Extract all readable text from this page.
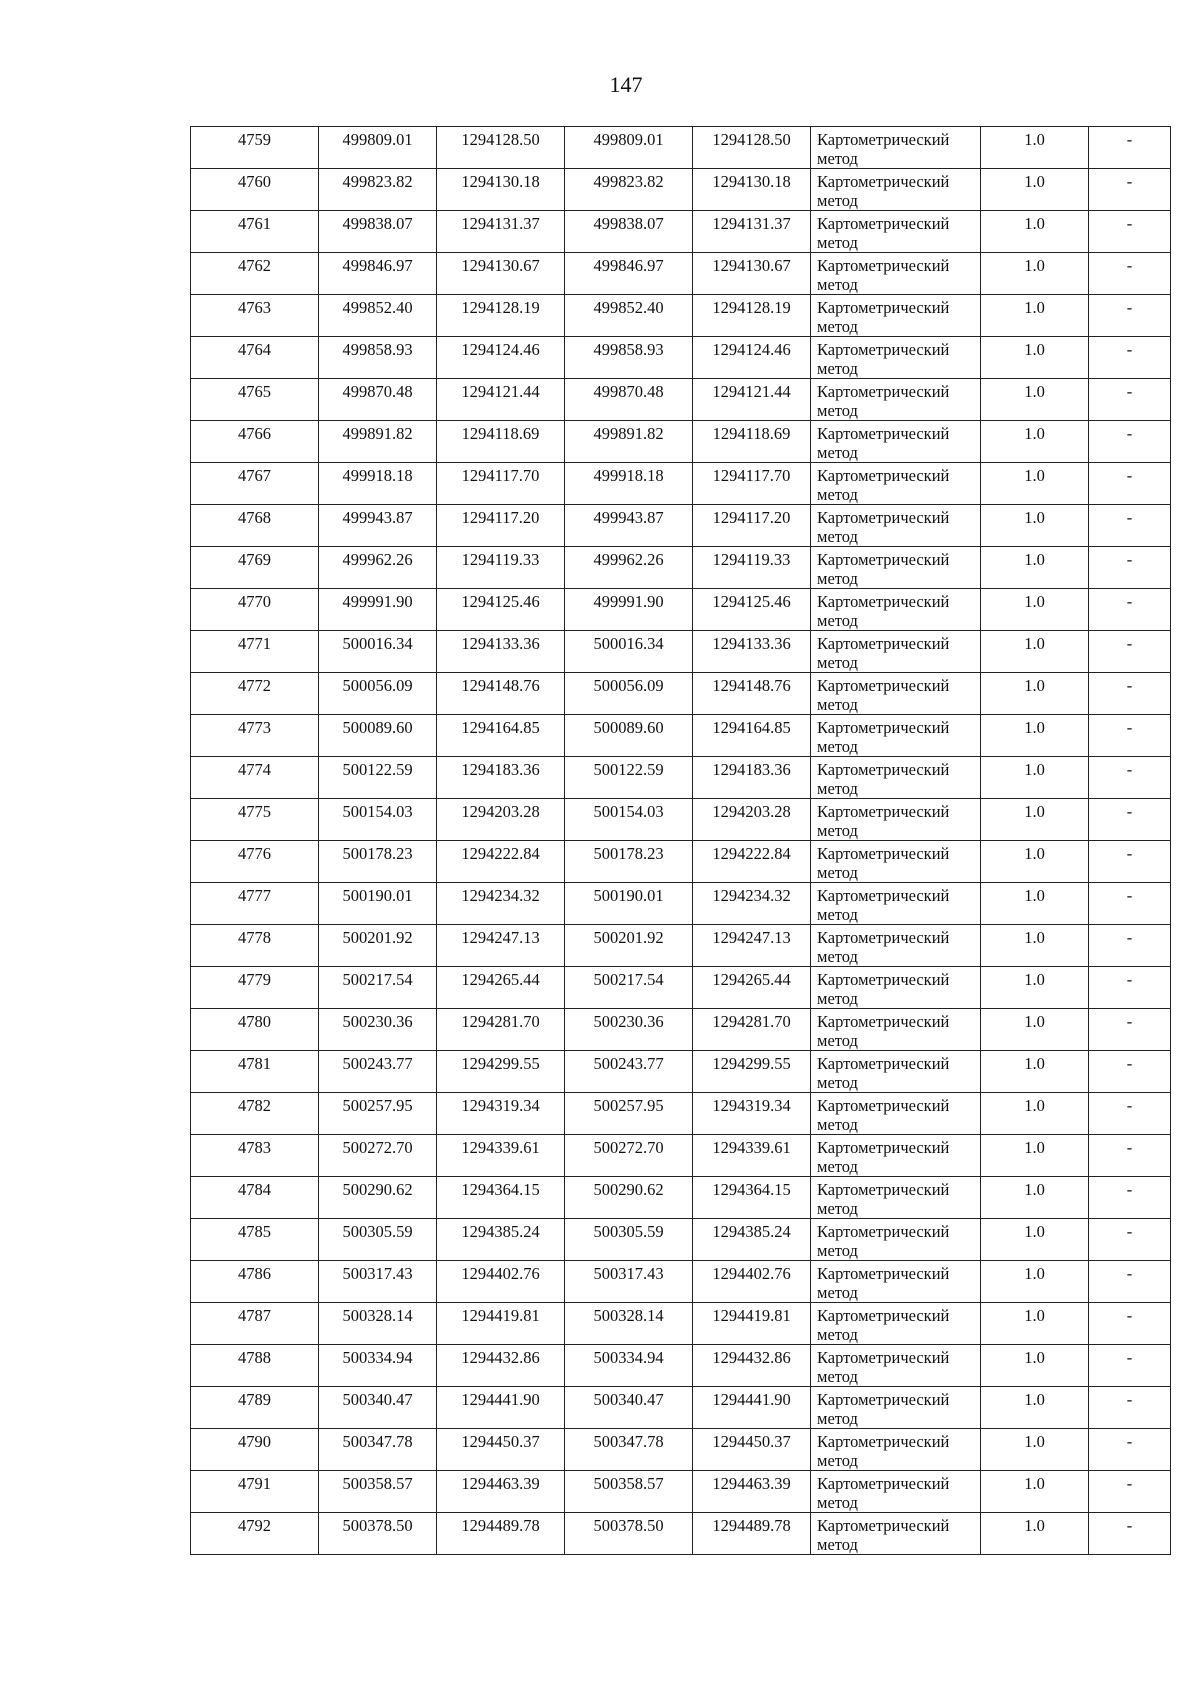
147
4759	499809.01	1294128.50	499809.01	1294128.50	Картометрический метод	1.0	-
4760	499823.82	1294130.18	499823.82	1294130.18	Картометрический метод	1.0	-
4761	499838.07	1294131.37	499838.07	1294131.37	Картометрический метод	1.0	-
4762	499846.97	1294130.67	499846.97	1294130.67	Картометрический метод	1.0	-
4763	499852.40	1294128.19	499852.40	1294128.19	Картометрический метод	1.0	-
4764	499858.93	1294124.46	499858.93	1294124.46	Картометрический метод	1.0	-
4765	499870.48	1294121.44	499870.48	1294121.44	Картометрический метод	1.0	-
4766	499891.82	1294118.69	499891.82	1294118.69	Картометрический метод	1.0	-
4767	499918.18	1294117.70	499918.18	1294117.70	Картометрический метод	1.0	-
4768	499943.87	1294117.20	499943.87	1294117.20	Картометрический метод	1.0	-
4769	499962.26	1294119.33	499962.26	1294119.33	Картометрический метод	1.0	-
4770	499991.90	1294125.46	499991.90	1294125.46	Картометрический метод	1.0	-
4771	500016.34	1294133.36	500016.34	1294133.36	Картометрический метод	1.0	-
4772	500056.09	1294148.76	500056.09	1294148.76	Картометрический метод	1.0	-
4773	500089.60	1294164.85	500089.60	1294164.85	Картометрический метод	1.0	-
4774	500122.59	1294183.36	500122.59	1294183.36	Картометрический метод	1.0	-
4775	500154.03	1294203.28	500154.03	1294203.28	Картометрический метод	1.0	-
4776	500178.23	1294222.84	500178.23	1294222.84	Картометрический метод	1.0	-
4777	500190.01	1294234.32	500190.01	1294234.32	Картометрический метод	1.0	-
4778	500201.92	1294247.13	500201.92	1294247.13	Картометрический метод	1.0	-
4779	500217.54	1294265.44	500217.54	1294265.44	Картометрический метод	1.0	-
4780	500230.36	1294281.70	500230.36	1294281.70	Картометрический метод	1.0	-
4781	500243.77	1294299.55	500243.77	1294299.55	Картометрический метод	1.0	-
4782	500257.95	1294319.34	500257.95	1294319.34	Картометрический метод	1.0	-
4783	500272.70	1294339.61	500272.70	1294339.61	Картометрический метод	1.0	-
4784	500290.62	1294364.15	500290.62	1294364.15	Картометрический метод	1.0	-
4785	500305.59	1294385.24	500305.59	1294385.24	Картометрический метод	1.0	-
4786	500317.43	1294402.76	500317.43	1294402.76	Картометрический метод	1.0	-
4787	500328.14	1294419.81	500328.14	1294419.81	Картометрический метод	1.0	-
4788	500334.94	1294432.86	500334.94	1294432.86	Картометрический метод	1.0	-
4789	500340.47	1294441.90	500340.47	1294441.90	Картометрический метод	1.0	-
4790	500347.78	1294450.37	500347.78	1294450.37	Картометрический метод	1.0	-
4791	500358.57	1294463.39	500358.57	1294463.39	Картометрический метод	1.0	-
4792	500378.50	1294489.78	500378.50	1294489.78	Картометрический метод	1.0	-
